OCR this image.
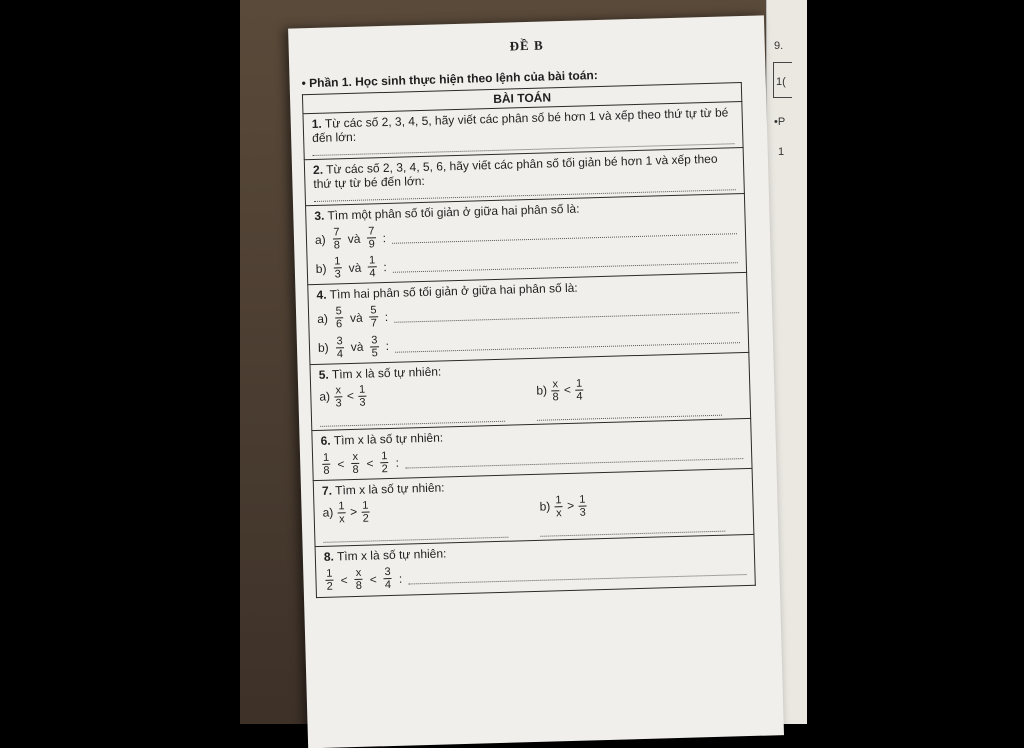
9.
1(
•P
1
ĐỀ B
• Phần 1. Học sinh thực hiện theo lệnh của bài toán:
BÀI TOÁN

1. Từ các số 2, 3, 4, 5, hãy viết các phân số bé hơn 1 và xếp theo thứ tự từ bé đến lớn:

2. Từ các số 2, 3, 4, 5, 6, hãy viết các phân số tối giản bé hơn 1 và xếp theo thứ tự từ bé đến lớn:

3. Tìm một phân số tối giản ở giữa hai phân số là:
$a) \frac{7}{8}$ và $\frac{7}{9}$ :
$b) \frac{1}{3}$ và $\frac{1}{4}$ :

4. Tìm hai phân số tối giản ở giữa hai phân số là:
$a) \frac{5}{6}$ và $\frac{5}{7}$ :
$b) \frac{3}{4}$ và $\frac{3}{5}$ :

5. Tìm x là số tự nhiên:
$a) \frac{x}{3} < \frac{1}{3}$	$b) \frac{x}{8} < \frac{1}{4}$

6. Tìm x là số tự nhiên:
$\frac{1}{8} < \frac{x}{8} < \frac{1}{2}$ :

7. Tìm x là số tự nhiên:
$a) \frac{1}{x} > \frac{1}{2}$	$b) \frac{1}{x} > \frac{1}{3}$

8. Tìm x là số tự nhiên:
$\frac{1}{2} < \frac{x}{8} < \frac{3}{4}$ :
